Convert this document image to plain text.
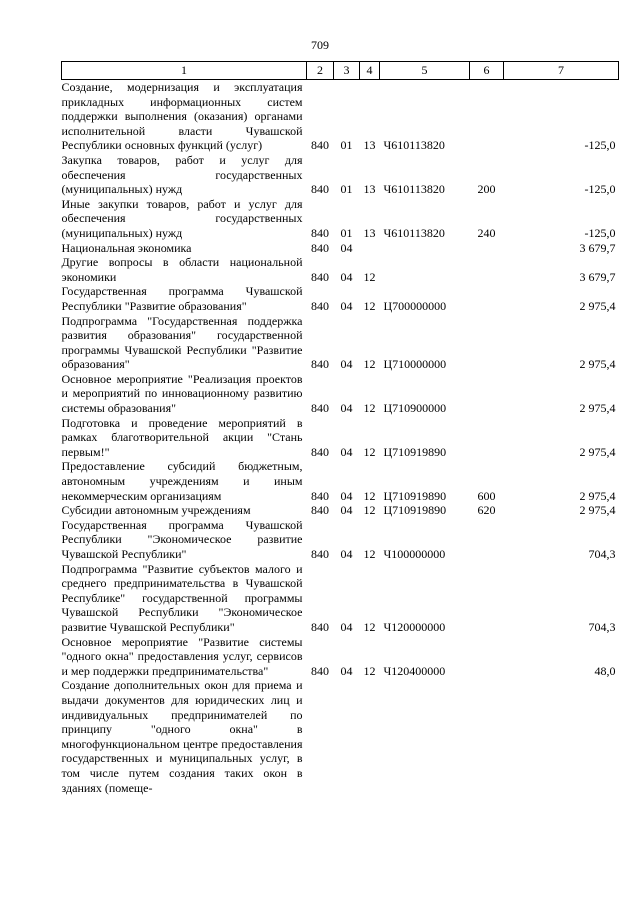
709
1	2	3	4	5	6	7
Создание, модернизация и эксплуатация прикладных информационных систем поддержки выполнения (оказания) органами исполнительной власти Чувашской Республики основных функций (услуг)	840	01	13	Ч610113820		-125,0
Закупка товаров, работ и услуг для обеспечения государственных (муниципальных) нужд	840	01	13	Ч610113820	200	-125,0
Иные закупки товаров, работ и услуг для обеспечения государственных (муниципальных) нужд	840	01	13	Ч610113820	240	-125,0
Национальная экономика	840	04				3 679,7
Другие вопросы в области национальной экономики	840	04	12			3 679,7
Государственная программа Чувашской Республики "Развитие образования"	840	04	12	Ц700000000		2 975,4
Подпрограмма "Государственная поддержка развития образования" государственной программы Чувашской Республики "Развитие образования"	840	04	12	Ц710000000		2 975,4
Основное мероприятие "Реализация проектов и мероприятий по инновационному развитию системы образования"	840	04	12	Ц710900000		2 975,4
Подготовка и проведение мероприятий в рамках благотворительной акции "Стань первым!"	840	04	12	Ц710919890		2 975,4
Предоставление субсидий бюджетным, автономным учреждениям и иным некоммерческим организациям	840	04	12	Ц710919890	600	2 975,4
Субсидии автономным учреждениям	840	04	12	Ц710919890	620	2 975,4
Государственная программа Чувашской Республики "Экономическое развитие Чувашской Республики"	840	04	12	Ч100000000		704,3
Подпрограмма "Развитие субъектов малого и среднего предпринимательства в Чувашской Республике" государственной программы Чувашской Республики "Экономическое развитие Чувашской Республики"	840	04	12	Ч120000000		704,3
Основное мероприятие "Развитие системы "одного окна" предоставления услуг, сервисов и мер поддержки предпринимательства"	840	04	12	Ч120400000		48,0
Создание дополнительных окон для приема и выдачи документов для юридических лиц и индивидуальных предпринимателей по принципу "одного окна" в многофункциональном центре предоставления государственных и муниципальных услуг, в том числе путем создания таких окон в зданиях (помеще-						
